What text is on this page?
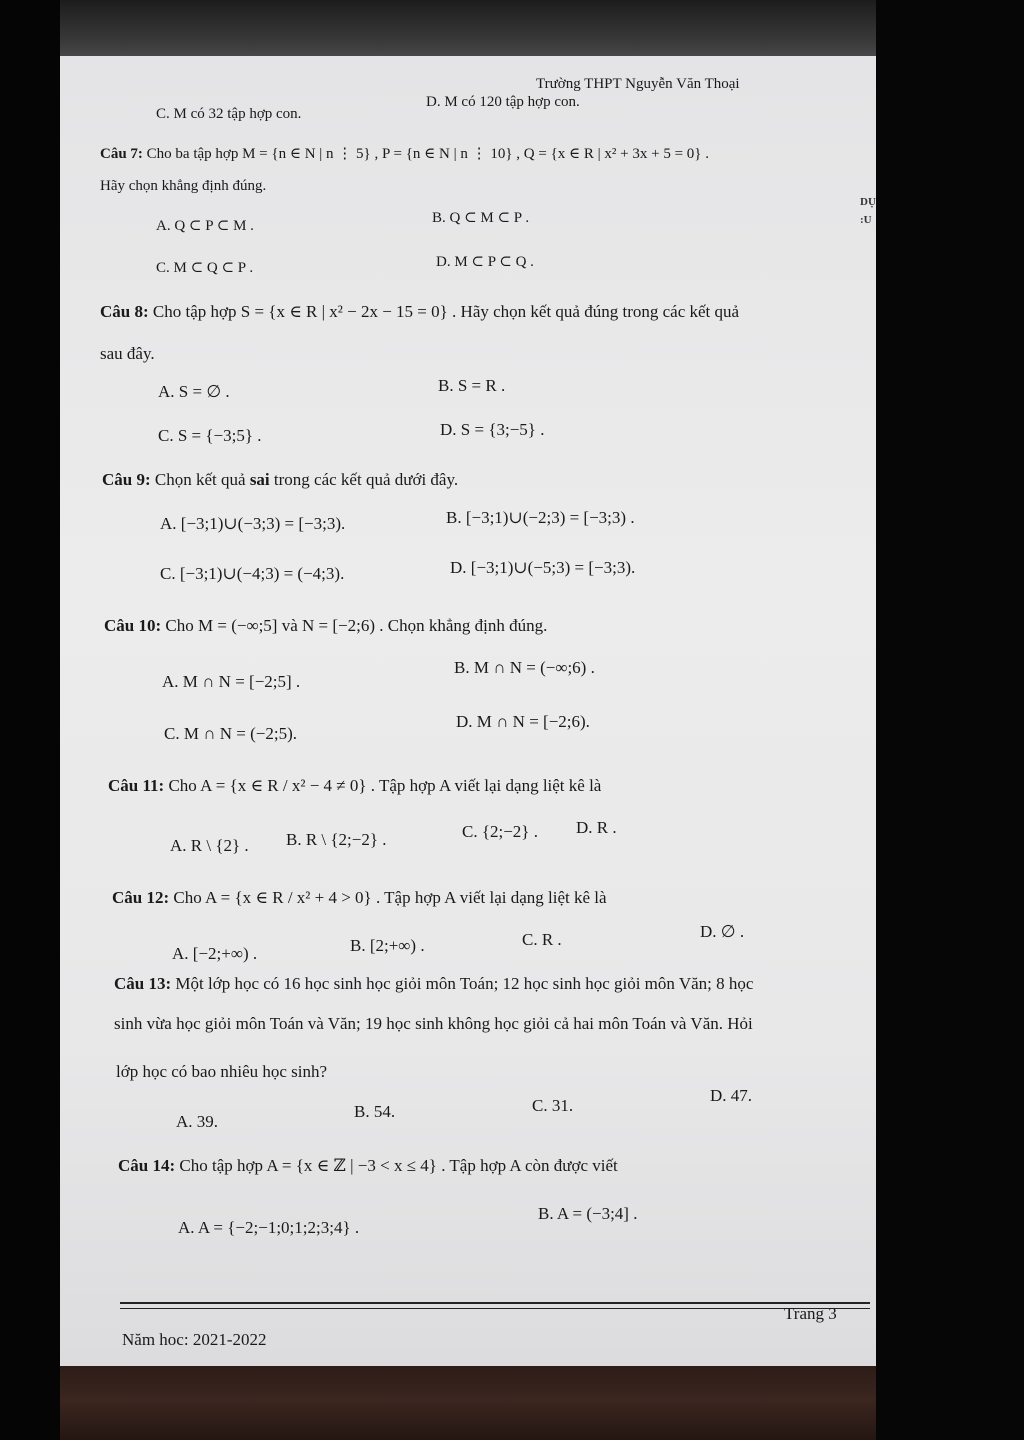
Trường THPT Nguyễn Văn Thoại
C. M có 32 tập hợp con.
D. M có 120 tập hợp con.
DỤ
:U
Câu 7: Cho ba tập hợp M = {n ∈ N | n ⋮ 5} , P = {n ∈ N | n ⋮ 10} , Q = {x ∈ R | x² + 3x + 5 = 0} .
Hãy chọn khẳng định đúng.
A. Q ⊂ P ⊂ M .	B. Q ⊂ M ⊂ P .
C. M ⊂ Q ⊂ P .	D. M ⊂ P ⊂ Q .
Câu 8: Cho tập hợp S = {x ∈ R | x² − 2x − 15 = 0} . Hãy chọn kết quả đúng trong các kết quả
sau đây.
A. S = ∅ .	B. S = R .
C. S = {−3;5} .	D. S = {3;−5} .
Câu 9: Chọn kết quả sai trong các kết quả dưới đây.
A. [−3;1)∪(−3;3) = [−3;3).	B. [−3;1)∪(−2;3) = [−3;3) .
C. [−3;1)∪(−4;3) = (−4;3).	D. [−3;1)∪(−5;3) = [−3;3).
Câu 10: Cho M = (−∞;5] và N = [−2;6) . Chọn khẳng định đúng.
A. M ∩ N = [−2;5] .
B. M ∩ N = (−∞;6) .
C. M ∩ N = (−2;5).
D. M ∩ N = [−2;6).
Câu 11: Cho A = {x ∈ R / x² − 4 ≠ 0} . Tập hợp A viết lại dạng liệt kê là
A. R \ {2} . B. R \ {2;−2} .	C. {2;−2} . D. R .
Câu 12: Cho A = {x ∈ R / x² + 4 > 0} . Tập hợp A viết lại dạng liệt kê là
A. [−2;+∞) .	B. [2;+∞) .	C. R .	D. ∅ .
Câu 13: Một lớp học có 16 học sinh học giỏi môn Toán; 12 học sinh học giỏi môn Văn; 8 học
sinh vừa học giỏi môn Toán và Văn; 19 học sinh không học giỏi cả hai môn Toán và Văn. Hỏi
lớp học có bao nhiêu học sinh?
A. 39.
B. 54.	C. 31.
D. 47.
Câu 14: Cho tập hợp A = {x ∈ ℤ | −3 < x ≤ 4} . Tập hợp A còn được viết
A. A = {−2;−1;0;1;2;3;4} .
B. A = (−3;4] .
Trang 3
Năm hoc: 2021-2022
